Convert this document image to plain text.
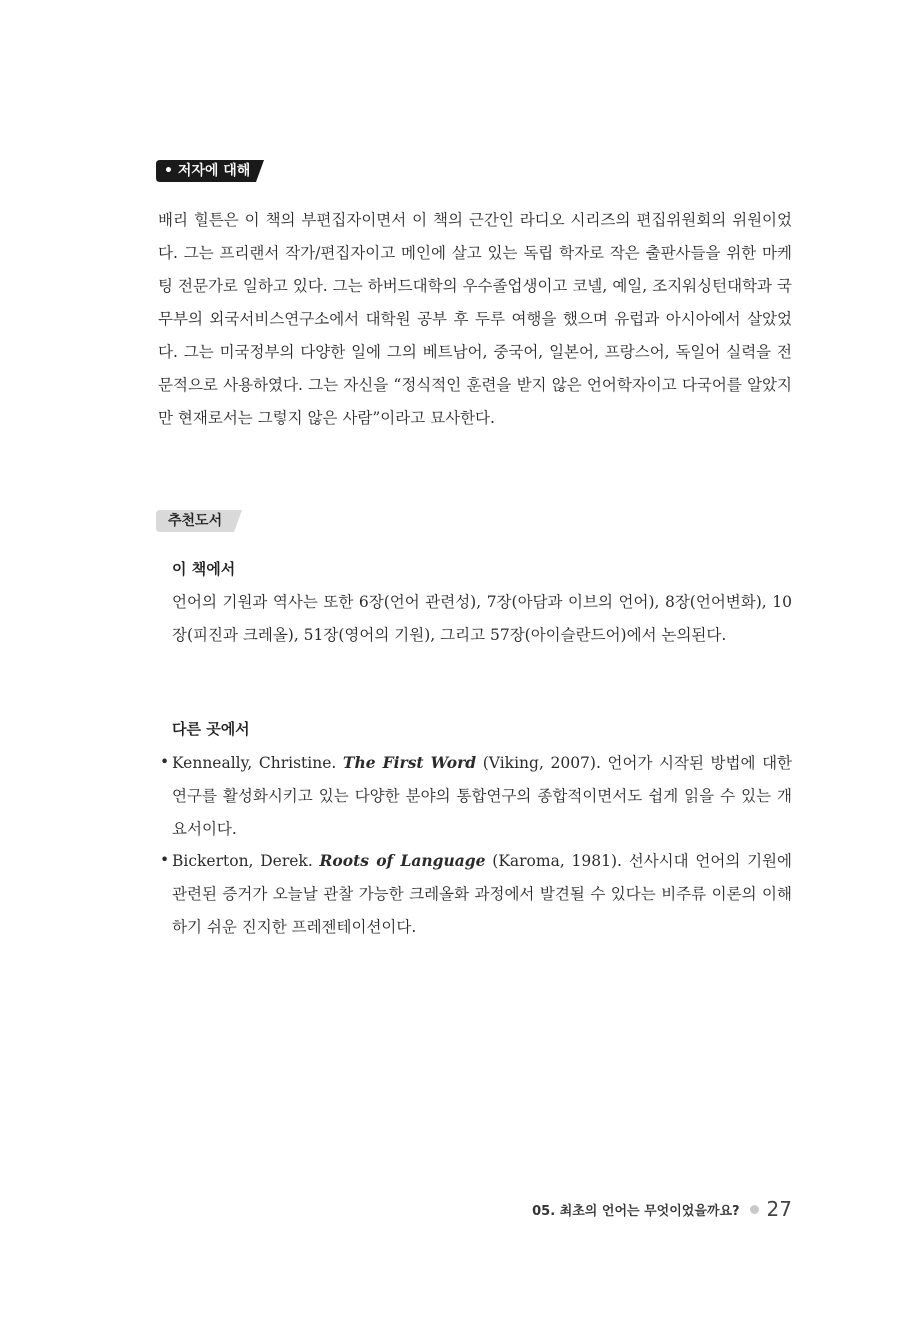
• 저자에 대해

배리 힐튼은 이 책의 부편집자이면서 이 책의 근간인 라디오 시리즈의 편집위원회의 위원이었다. 그는 프리랜서 작가/편집자이고 메인에 살고 있는 독립 학자로 작은 출판사들을 위한 마케팅 전문가로 일하고 있다. 그는 하버드대학의 우수졸업생이고 코넬, 예일, 조지워싱턴대학과 국무부의 외국서비스연구소에서 대학원 공부 후 두루 여행을 했으며 유럽과 아시아에서 살았었다. 그는 미국정부의 다양한 일에 그의 베트남어, 중국어, 일본어, 프랑스어, 독일어 실력을 전문적으로 사용하였다. 그는 자신을 “정식적인 훈련을 받지 않은 언어학자이고 다국어를 알았지만 현재로서는 그렇지 않은 사람”이라고 묘사한다.

추천도서
이 책에서

언어의 기원과 역사는 또한 6장(언어 관련성), 7장(아담과 이브의 언어), 8장(언어변화), 10장(피진과 크레올), 51장(영어의 기원), 그리고 57장(아이슬란드어)에서 논의된다.

다른 곳에서
• Kenneally, Christine. The First Word (Viking, 2007). 언어가 시작된 방법에 대한 연구를 활성화시키고 있는 다양한 분야의 통합연구의 종합적이면서도 쉽게 읽을 수 있는 개요서이다.

• Bickerton, Derek. Roots of Language (Karoma, 1981). 선사시대 언어의 기원에 관련된 증거가 오늘날 관찰 가능한 크레올화 과정에서 발견될 수 있다는 비주류 이론의 이해하기 쉬운 진지한 프레젠테이션이다.

05. 최초의 언어는 무엇이었을까요? 27
